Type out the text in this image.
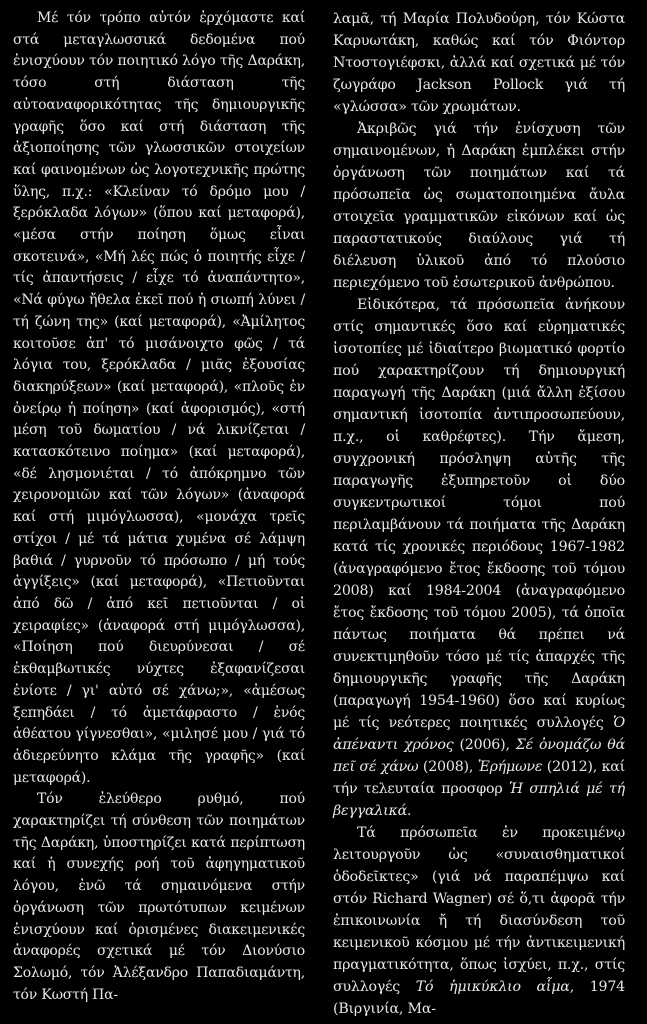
Μέ τόν τρόπο αὐτόν ἐρχόμαστε καί στά μεταγλωσσικά δεδομένα πού ἐνισχύουν τόν ποιητικό λόγο τῆς Δαράκη, τόσο στή διάσταση τῆς αὐτοαναφορικότητας τῆς δημιουργικῆς γραφῆς ὅσο καί στή διάσταση τῆς ἀξιοποίησης τῶν γλωσσικῶν στοιχείων καί φαινομένων ὡς λογοτεχνικῆς πρώτης ὕλης, π.χ.: «Κλείναν τό δρόμο μου / ξερόκλαδα λόγων» (ὅπου καί μεταφορά), «μέσα στήν ποίηση ὅμως εἶναι σκοτεινά», «Μή λές πώς ὁ ποιητής εἶχε / τίς ἀπαντήσεις / εἶχε τό ἀναπάντητο», «Νά φύγω ἤθελα ἐκεῖ πού ἡ σιωπή λύνει / τή ζώνη της» (καί μεταφορά), «Ἀμίλητος κοιτοῦσε ἀπ' τό μισάνοιχτο φῶς / τά λόγια του, ξερόκλαδα / μιᾶς ἐξουσίας διακηρύξεων» (καί μεταφορά), «πλοῦς ἐν ὀνείρῳ ἡ ποίηση» (καί ἀφορισμός), «στή μέση τοῦ δωματίου / νά λικνίζεται / κατασκότεινο ποίημα» (καί μεταφορά), «δέ λησμονιέται / τό ἀπόκρημνο τῶν χειρονομιῶν καί τῶν λόγων» (ἀναφορά καί στή μιμόγλωσσα), «μονάχα τρεῖς στίχοι / μέ τά μάτια χυμένα σέ λάμψη βαθιά / γυρνοῦν τό πρόσωπο / μή τούς ἀγγίξεις» (καί μεταφορά), «Πετιοῦνται ἀπό δῶ / ἀπό κεῖ πετιοῦνται / οἱ χειραφίες» (ἀναφορά στή μιμόγλωσσα), «Ποίηση πού διευρύνεσαι / σέ ἐκθαμβωτικές νύχτες ἐξαφανίζεσαι ἐνίοτε / γι' αὐτό σέ χάνω;», «ἀμέσως ξεπηδάει / τό ἀμετάφραστο / ἑνός ἀθέατου γίγνεσθαι», «μιλησέ μου / γιά τό ἀδιερεύνητο κλάμα τῆς γραφῆς» (καί μεταφορά).

Τόν ἐλεύθερο ρυθμό, πού χαρακτηρίζει τή σύνθεση τῶν ποιημάτων τῆς Δαράκη, ὑποστηρίζει κατά περίπτωση καί ἡ συνεχής ροή τοῦ ἀφηγηματικοῦ λόγου, ἐνῶ τά σημαινόμενα στήν ὀργάνωση τῶν πρωτότυπων κειμένων ἐνισχύουν καί ὁρισμένες διακειμενικές ἀναφορές σχετικά μέ τόν Διονύσιο Σολωμό, τόν Ἀλέξανδρο Παπαδιαμάντη, τόν Κωστή Πα-

λαμᾶ, τή Μαρία Πολυδούρη, τόν Κώστα Καρυωτάκη, καθώς καί τόν Φιόντορ Ντοστογιέφσκι, ἀλλά καί σχετικά μέ τόν ζωγράφο Jackson Pollock γιά τή «γλώσσα» τῶν χρωμάτων.

Ἀκριβῶς γιά τήν ἐνίσχυση τῶν σημαινομένων, ἡ Δαράκη ἐμπλέκει στήν ὀργάνωση τῶν ποιημάτων καί τά πρόσωπεῖα ὡς σωματοποιημένα ἄυλα στοιχεῖα γραμματικῶν εἰκόνων καί ὡς παραστατικούς διαύλους γιά τή διέλευση ὑλικοῦ ἀπό τό πλούσιο περιεχόμενο τοῦ ἐσωτερικοῦ ἀνθρώπου.

Εἰδικότερα, τά πρόσωπεῖα ἀνήκουν στίς σημαντικές ὅσο καί εὑρηματικές ἰσοτοπίες μέ ἰδιαίτερο βιωματικό φορτίο πού χαρακτηρίζουν τή δημιουργική παραγωγή τῆς Δαράκη (μιά ἄλλη ἐξίσου σημαντική ἰσοτοπία ἀντιπροσωπεύουν, π.χ., οἱ καθρέφτες). Τήν ἄμεση, συγχρονική πρόσληψη αὐτῆς τῆς παραγωγῆς ἐξυπηρετοῦν οἱ δύο συγκεντρωτικοί τόμοι πού περιλαμβάνουν τά ποιήματα τῆς Δαράκη κατά τίς χρονικές περιόδους 1967-1982 (ἀναγραφόμενο ἔτος ἔκδοσης τοῦ τόμου 2008) καί 1984-2004 (ἀναγραφόμενο ἔτος ἔκδοσης τοῦ τόμου 2005), τά ὁποῖα πάντως ποιήματα θά πρέπει νά συνεκτιμηθοῦν τόσο μέ τίς ἀπαρχές τῆς δημιουργικῆς γραφῆς τῆς Δαράκη (παραγωγή 1954-1960) ὅσο καί κυρίως μέ τίς νεότερες ποιητικές συλλογές Ὁ ἀπέναντι χρόνος (2006), Σέ ὀνομάζω θά πεῖ σέ χάνω (2008), Ἐρήμωνε (2012), καί τήν τελευταία προσφορ Ἡ σπηλιά μέ τή βεγγαλικά.

Τά πρόσωπεῖα ἐν προκειμένῳ λειτουργοῦν ὡς «συναισθηματικοί ὁδοδεῖκτες» (γιά νά παραπέμψω καί στόν Richard Wagner) σέ ὅ,τι ἀφορᾶ τήν ἐπικοινωνία ἤ τή διασύνδεση τοῦ κειμενικοῦ κόσμου μέ τήν ἀντικειμενική πραγματικότητα, ὅπως ἰσχύει, π.χ., στίς συλλογές Τό ἡμικύκλιο αἷμα, 1974 (Βιργινία, Μα-
